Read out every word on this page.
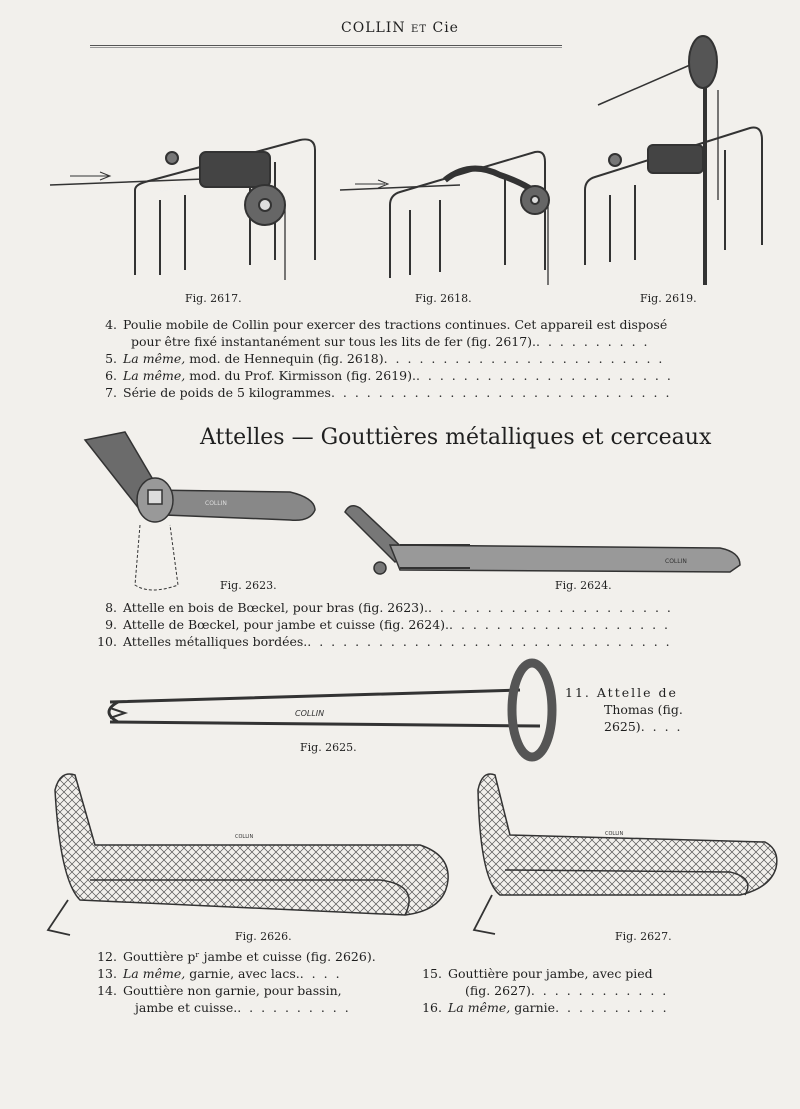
COLLIN
COLLIN
COLLIN
COLLIN
COLLIN	COLLIN
COLLIN ET Cie
Fig. 2617.	Fig. 2618.	Fig. 2619.
4. Poulie mobile de Collin pour exercer des tractions continues. Cet appareil est disposé
pour être fixé instantanément sur tous les lits de fer (fig. 2617).. . .
5. La même, mod. de Hennequin (fig. 2618). . .
6. La même, mod. du Prof. Kirmisson (fig. 2619).. . .
7. Série de poids de 5 kilogrammes. . .
Attelles — Gouttières métalliques et cerceaux
Fig. 2623.	Fig. 2624.
8. Attelle en bois de Bœckel, pour bras (fig. 2623).. . .
9. Attelle de Bœckel, pour jambe et cuisse (fig. 2624).. . .
10. Attelles métalliques bordées.. . .
11. Attelle de
Thomas (fig.
2625). . .
Fig. 2625.
Fig. 2626.	Fig. 2627.
12. Gouttière pʳ jambe et cuisse (fig. 2626).
13. La même, garnie, avec lacs.. . .
14. Gouttière non garnie, pour bassin,
jambe et cuisse.. . .
15. Gouttière pour jambe, avec pied
(fig. 2627). . .
16. La même, garnie. . .
